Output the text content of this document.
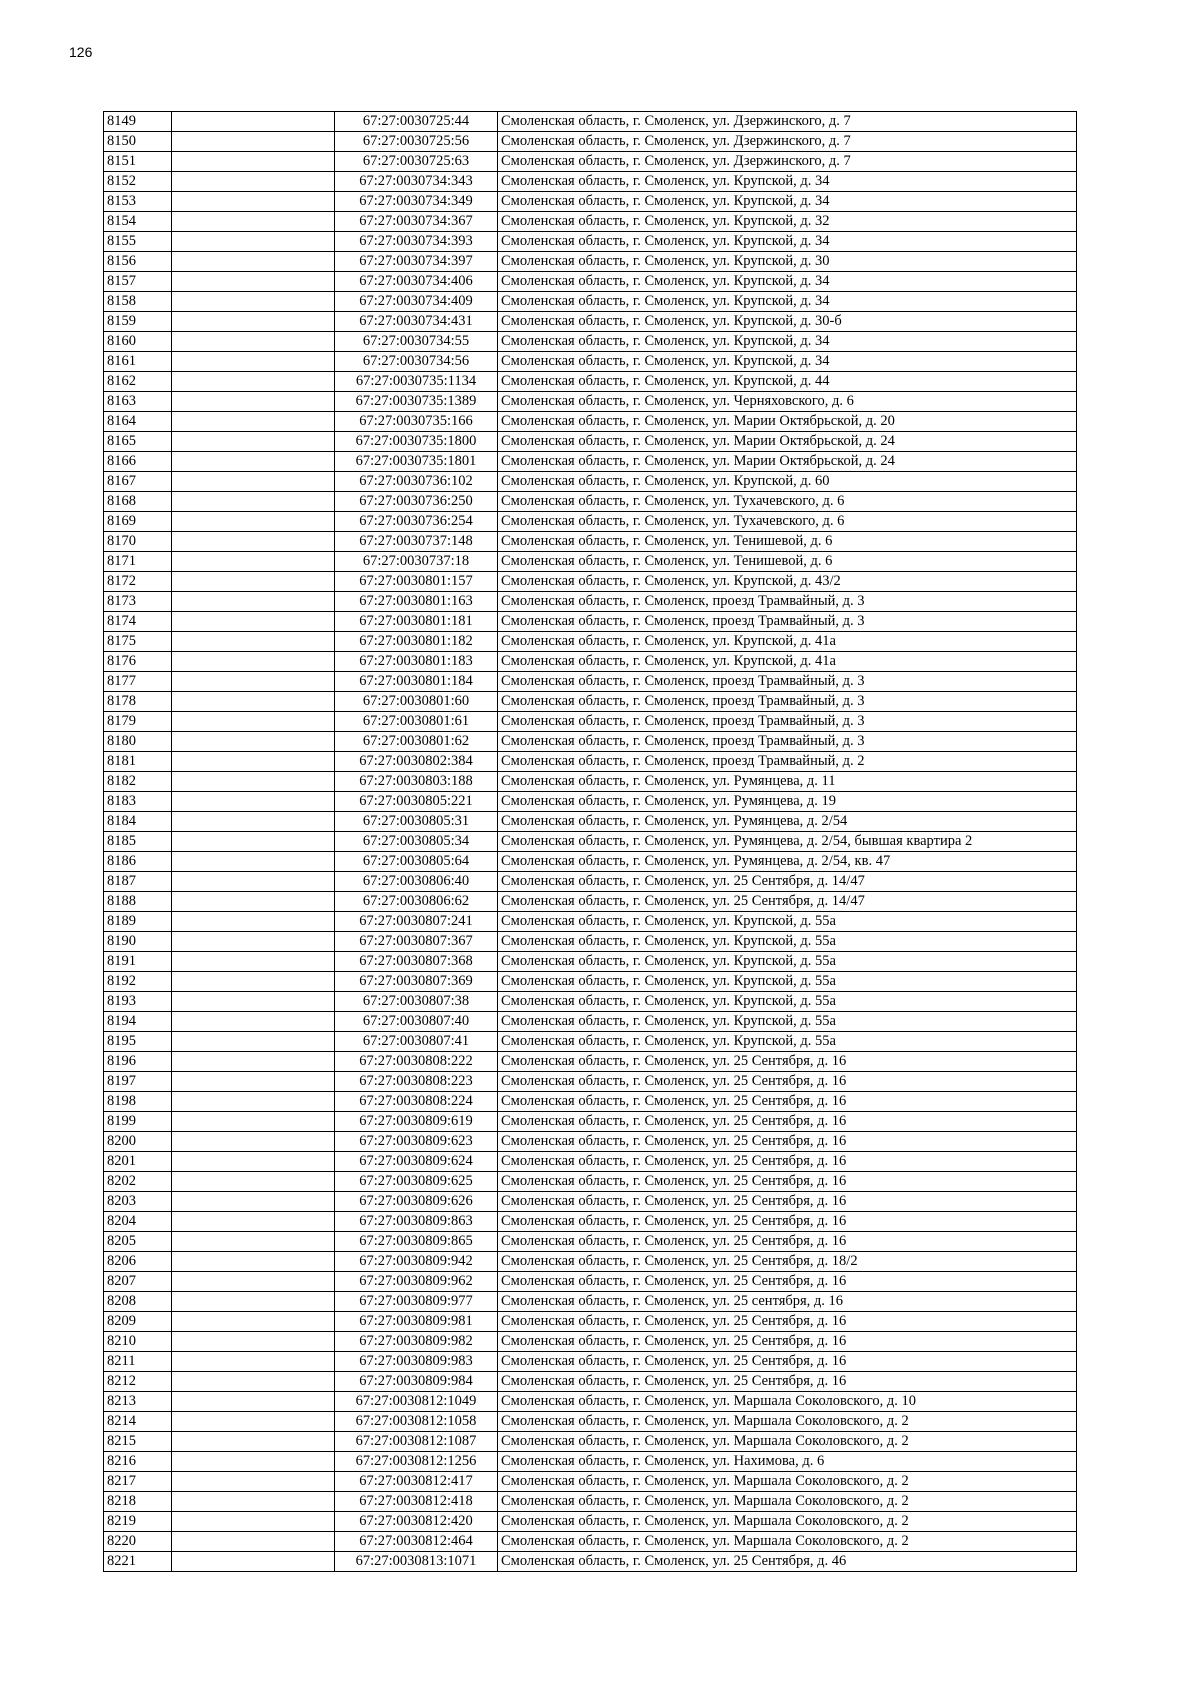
126
8149		67:27:0030725:44	Смоленская область, г. Смоленск, ул. Дзержинского, д. 7
8150		67:27:0030725:56	Смоленская область, г. Смоленск, ул. Дзержинского, д. 7
8151		67:27:0030725:63	Смоленская область, г. Смоленск, ул. Дзержинского, д. 7
8152		67:27:0030734:343	Смоленская область, г. Смоленск, ул. Крупской, д. 34
8153		67:27:0030734:349	Смоленская область, г. Смоленск, ул. Крупской, д. 34
8154		67:27:0030734:367	Смоленская область, г. Смоленск, ул. Крупской, д. 32
8155		67:27:0030734:393	Смоленская область, г. Смоленск, ул. Крупской, д. 34
8156		67:27:0030734:397	Смоленская область, г. Смоленск, ул. Крупской, д. 30
8157		67:27:0030734:406	Смоленская область, г. Смоленск, ул. Крупской, д. 34
8158		67:27:0030734:409	Смоленская область, г. Смоленск, ул. Крупской, д. 34
8159		67:27:0030734:431	Смоленская область, г. Смоленск, ул. Крупской, д. 30-б
8160		67:27:0030734:55	Смоленская область, г. Смоленск, ул. Крупской, д. 34
8161		67:27:0030734:56	Смоленская область, г. Смоленск, ул. Крупской, д. 34
8162		67:27:0030735:1134	Смоленская область, г. Смоленск, ул. Крупской, д. 44
8163		67:27:0030735:1389	Смоленская область, г. Смоленск, ул. Черняховского, д. 6
8164		67:27:0030735:166	Смоленская область, г. Смоленск, ул. Марии Октябрьской, д. 20
8165		67:27:0030735:1800	Смоленская область, г. Смоленск, ул. Марии Октябрьской, д. 24
8166		67:27:0030735:1801	Смоленская область, г. Смоленск, ул. Марии Октябрьской, д. 24
8167		67:27:0030736:102	Смоленская область, г. Смоленск, ул. Крупской, д. 60
8168		67:27:0030736:250	Смоленская область, г. Смоленск, ул. Тухачевского, д. 6
8169		67:27:0030736:254	Смоленская область, г. Смоленск, ул. Тухачевского, д. 6
8170		67:27:0030737:148	Смоленская область, г. Смоленск, ул. Тенишевой, д. 6
8171		67:27:0030737:18	Смоленская область, г. Смоленск, ул. Тенишевой, д. 6
8172		67:27:0030801:157	Смоленская область, г. Смоленск, ул. Крупской, д. 43/2
8173		67:27:0030801:163	Смоленская область, г. Смоленск, проезд Трамвайный, д. 3
8174		67:27:0030801:181	Смоленская область, г. Смоленск, проезд Трамвайный, д. 3
8175		67:27:0030801:182	Смоленская область, г. Смоленск, ул. Крупской, д. 41а
8176		67:27:0030801:183	Смоленская область, г. Смоленск, ул. Крупской, д. 41а
8177		67:27:0030801:184	Смоленская область, г. Смоленск, проезд Трамвайный, д. 3
8178		67:27:0030801:60	Смоленская область, г. Смоленск, проезд Трамвайный, д. 3
8179		67:27:0030801:61	Смоленская область, г. Смоленск, проезд Трамвайный, д. 3
8180		67:27:0030801:62	Смоленская область, г. Смоленск, проезд Трамвайный, д. 3
8181		67:27:0030802:384	Смоленская область, г. Смоленск, проезд Трамвайный, д. 2
8182		67:27:0030803:188	Смоленская область, г. Смоленск, ул. Румянцева, д. 11
8183		67:27:0030805:221	Смоленская область, г. Смоленск, ул. Румянцева, д. 19
8184		67:27:0030805:31	Смоленская область, г. Смоленск, ул. Румянцева, д. 2/54
8185		67:27:0030805:34	Смоленская область, г. Смоленск, ул. Румянцева, д. 2/54, бывшая квартира 2
8186		67:27:0030805:64	Смоленская область, г. Смоленск, ул. Румянцева, д. 2/54, кв. 47
8187		67:27:0030806:40	Смоленская область, г. Смоленск, ул. 25 Сентября, д. 14/47
8188		67:27:0030806:62	Смоленская область, г. Смоленск, ул. 25 Сентября, д. 14/47
8189		67:27:0030807:241	Смоленская область, г. Смоленск, ул. Крупской, д. 55а
8190		67:27:0030807:367	Смоленская область, г. Смоленск, ул. Крупской, д. 55а
8191		67:27:0030807:368	Смоленская область, г. Смоленск, ул. Крупской, д. 55а
8192		67:27:0030807:369	Смоленская область, г. Смоленск, ул. Крупской, д. 55а
8193		67:27:0030807:38	Смоленская область, г. Смоленск, ул. Крупской, д. 55а
8194		67:27:0030807:40	Смоленская область, г. Смоленск, ул. Крупской, д. 55а
8195		67:27:0030807:41	Смоленская область, г. Смоленск, ул. Крупской, д. 55а
8196		67:27:0030808:222	Смоленская область, г. Смоленск, ул. 25 Сентября, д. 16
8197		67:27:0030808:223	Смоленская область, г. Смоленск, ул. 25 Сентября, д. 16
8198		67:27:0030808:224	Смоленская область, г. Смоленск, ул. 25 Сентября, д. 16
8199		67:27:0030809:619	Смоленская область, г. Смоленск, ул. 25 Сентября, д. 16
8200		67:27:0030809:623	Смоленская область, г. Смоленск, ул. 25 Сентября, д. 16
8201		67:27:0030809:624	Смоленская область, г. Смоленск, ул. 25 Сентября, д. 16
8202		67:27:0030809:625	Смоленская область, г. Смоленск, ул. 25 Сентября, д. 16
8203		67:27:0030809:626	Смоленская область, г. Смоленск, ул. 25 Сентября, д. 16
8204		67:27:0030809:863	Смоленская область, г. Смоленск, ул. 25 Сентября, д. 16
8205		67:27:0030809:865	Смоленская область, г. Смоленск, ул. 25 Сентября, д. 16
8206		67:27:0030809:942	Смоленская область, г. Смоленск, ул. 25 Сентября, д. 18/2
8207		67:27:0030809:962	Смоленская область, г. Смоленск, ул. 25 Сентября, д. 16
8208		67:27:0030809:977	Смоленская область, г. Смоленск, ул. 25 сентября, д. 16
8209		67:27:0030809:981	Смоленская область, г. Смоленск, ул. 25 Сентября, д. 16
8210		67:27:0030809:982	Смоленская область, г. Смоленск, ул. 25 Сентября, д. 16
8211		67:27:0030809:983	Смоленская область, г. Смоленск, ул. 25 Сентября, д. 16
8212		67:27:0030809:984	Смоленская область, г. Смоленск, ул. 25 Сентября, д. 16
8213		67:27:0030812:1049	Смоленская область, г. Смоленск, ул. Маршала Соколовского, д. 10
8214		67:27:0030812:1058	Смоленская область, г. Смоленск, ул. Маршала Соколовского, д. 2
8215		67:27:0030812:1087	Смоленская область, г. Смоленск, ул. Маршала Соколовского, д. 2
8216		67:27:0030812:1256	Смоленская область, г. Смоленск, ул. Нахимова, д. 6
8217		67:27:0030812:417	Смоленская область, г. Смоленск, ул. Маршала Соколовского, д. 2
8218		67:27:0030812:418	Смоленская область, г. Смоленск, ул. Маршала Соколовского, д. 2
8219		67:27:0030812:420	Смоленская область, г. Смоленск, ул. Маршала Соколовского, д. 2
8220		67:27:0030812:464	Смоленская область, г. Смоленск, ул. Маршала Соколовского, д. 2
8221		67:27:0030813:1071	Смоленская область, г. Смоленск, ул. 25 Сентября, д. 46
